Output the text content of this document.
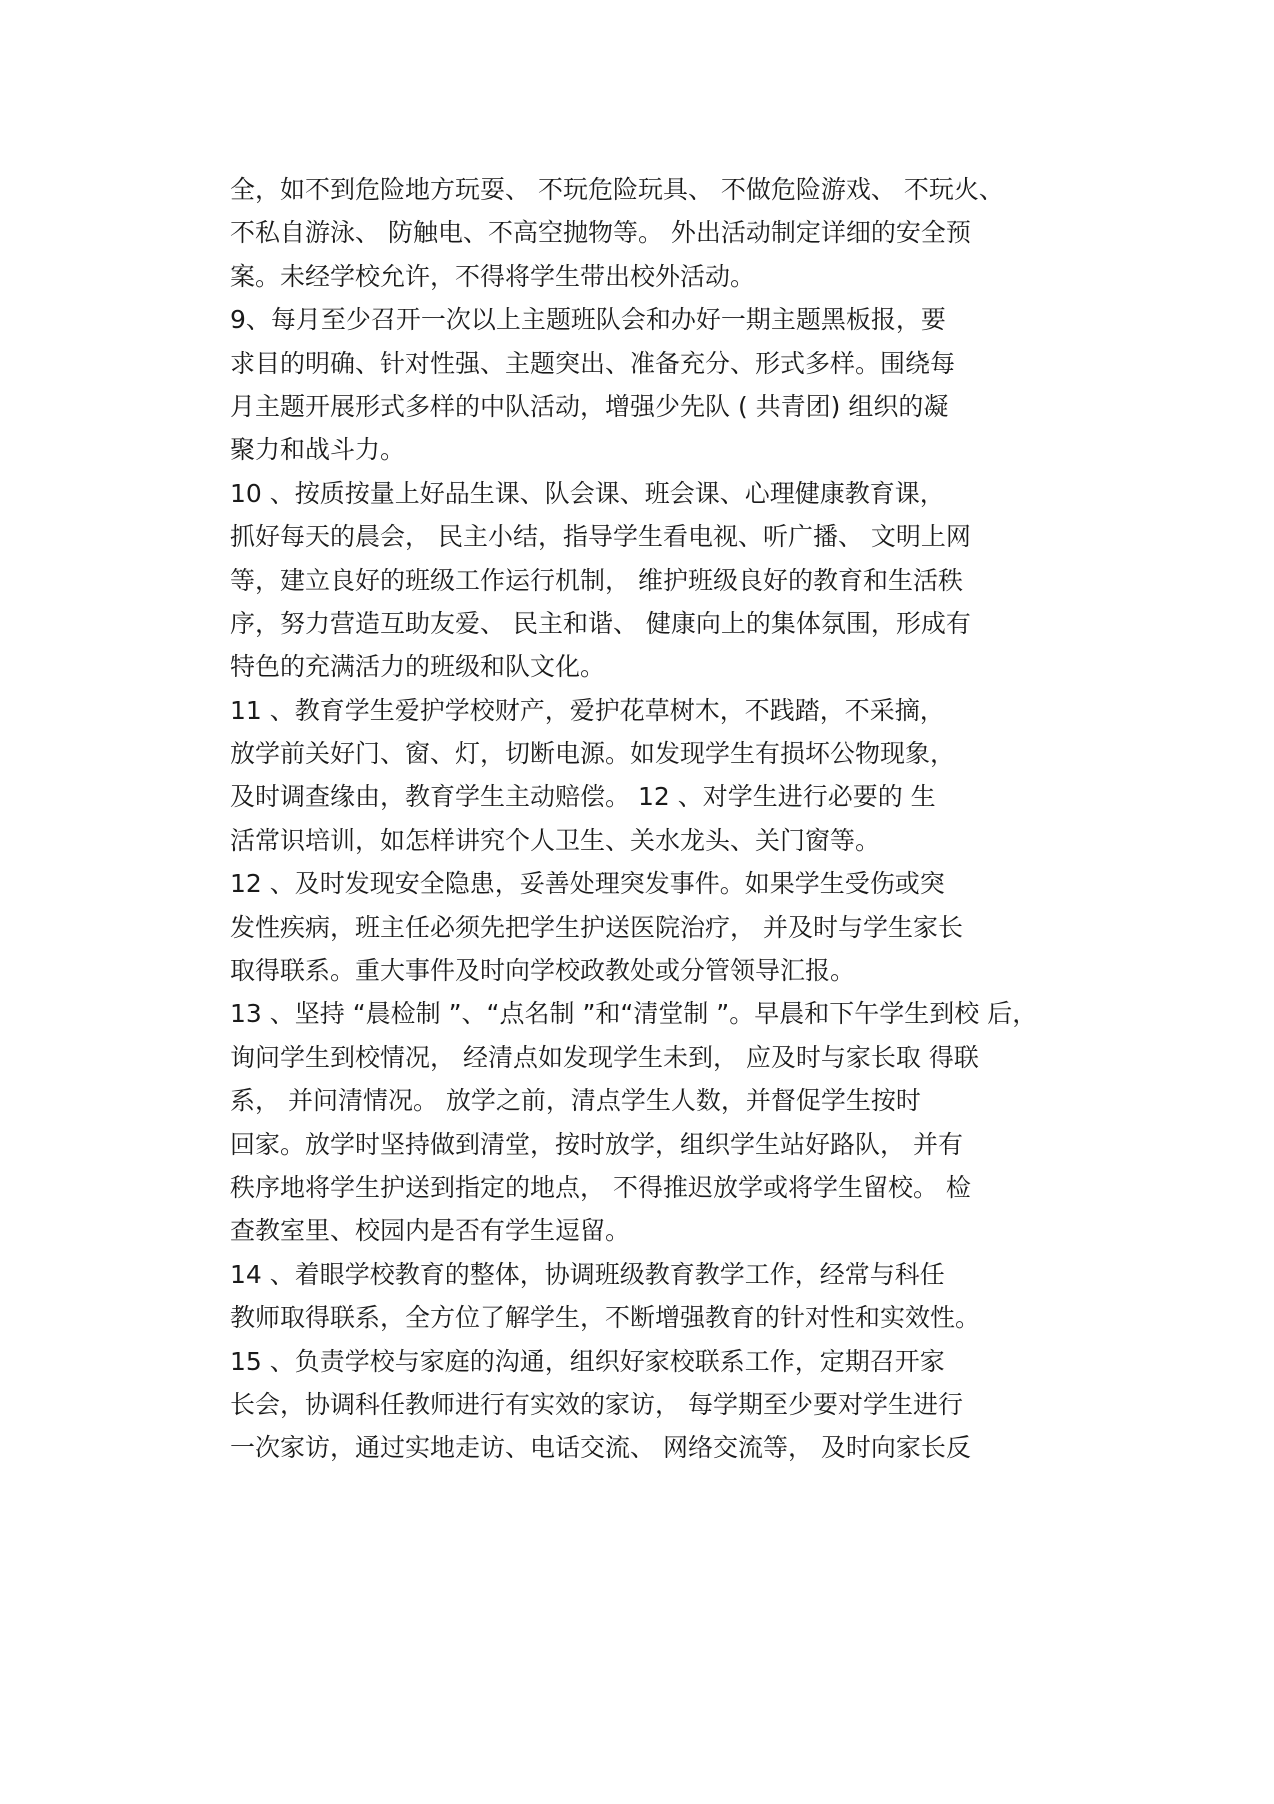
全，如不到危险地方玩耍、 不玩危险玩具、 不做危险游戏、 不玩火、
不私自游泳、 防触电、不高空抛物等。 外出活动制定详细的安全预
案。未经学校允许，不得将学生带出校外活动。
9、每月至少召开一次以上主题班队会和办好一期主题黑板报，要
求目的明确、针对性强、主题突出、准备充分、形式多样。围绕每
月主题开展形式多样的中队活动，增强少先队 ( 共青团) 组织的凝
聚力和战斗力。
10 、按质按量上好品生课、队会课、班会课、心理健康教育课，
抓好每天的晨会， 民主小结，指导学生看电视、听广播、 文明上网
等，建立良好的班级工作运行机制， 维护班级良好的教育和生活秩
序，努力营造互助友爱、 民主和谐、 健康向上的集体氛围，形成有
特色的充满活力的班级和队文化。
11 、教育学生爱护学校财产，爱护花草树木，不践踏，不采摘，
放学前关好门、窗、灯，切断电源。如发现学生有损坏公物现象，
及时调查缘由，教育学生主动赔偿。 12 、对学生进行必要的 生
活常识培训，如怎样讲究个人卫生、关水龙头、关门窗等。
12 、及时发现安全隐患，妥善处理突发事件。如果学生受伤或突
发性疾病，班主任必须先把学生护送医院治疗， 并及时与学生家长
取得联系。重大事件及时向学校政教处或分管领导汇报。
13 、坚持 “晨检制 ”、“点名制 ”和“清堂制 ”。早晨和下午学生到校 后，
询问学生到校情况， 经清点如发现学生未到， 应及时与家长取 得联
系， 并问清情况。 放学之前，清点学生人数，并督促学生按时
回家。放学时坚持做到清堂，按时放学，组织学生站好路队， 并有
秩序地将学生护送到指定的地点， 不得推迟放学或将学生留校。 检
查教室里、校园内是否有学生逗留。
14 、着眼学校教育的整体，协调班级教育教学工作，经常与科任
教师取得联系，全方位了解学生，不断增强教育的针对性和实效性。
15 、负责学校与家庭的沟通，组织好家校联系工作，定期召开家
长会，协调科任教师进行有实效的家访， 每学期至少要对学生进行
一次家访，通过实地走访、电话交流、 网络交流等， 及时向家长反
